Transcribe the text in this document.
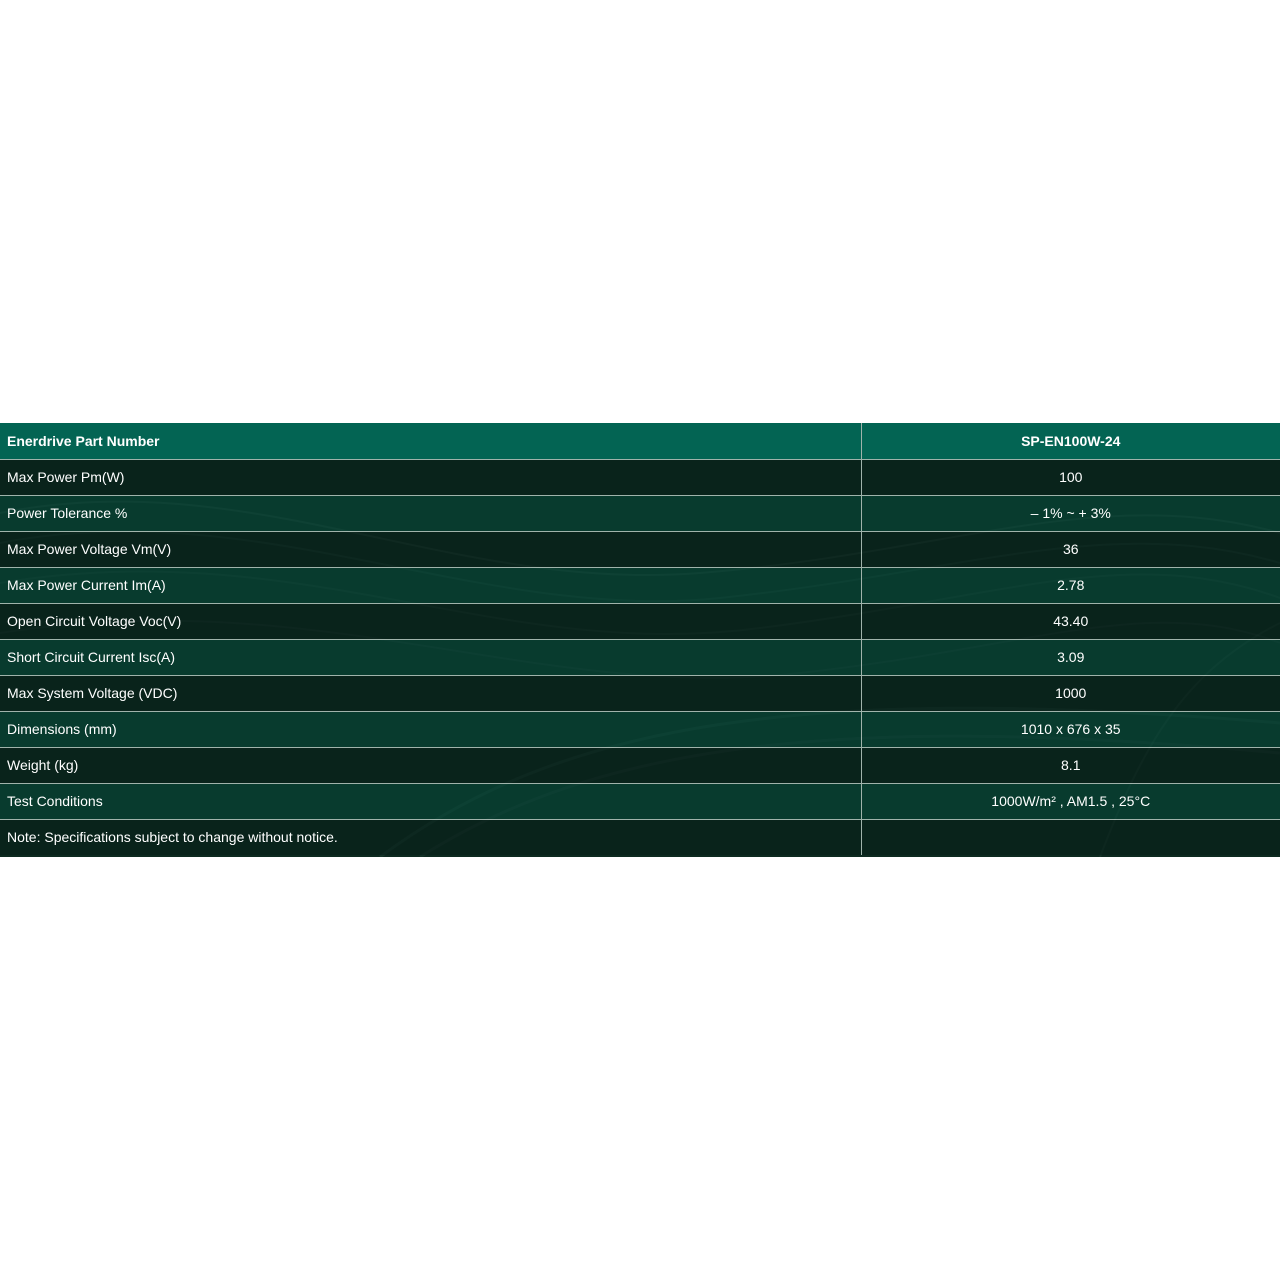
Enerdrive Part Number	SP-EN100W-24
Max Power Pm(W)	100
Power Tolerance %	– 1% ~ + 3%
Max Power Voltage Vm(V)	36
Max Power Current Im(A)	2.78
Open Circuit Voltage Voc(V)	43.40
Short Circuit Current Isc(A)	3.09
Max System Voltage (VDC)	1000
Dimensions (mm)	1010 x 676 x 35
Weight (kg)	8.1
Test Conditions	1000W/m² , AM1.5 , 25°C
Note: Specifications subject to change without notice.	
